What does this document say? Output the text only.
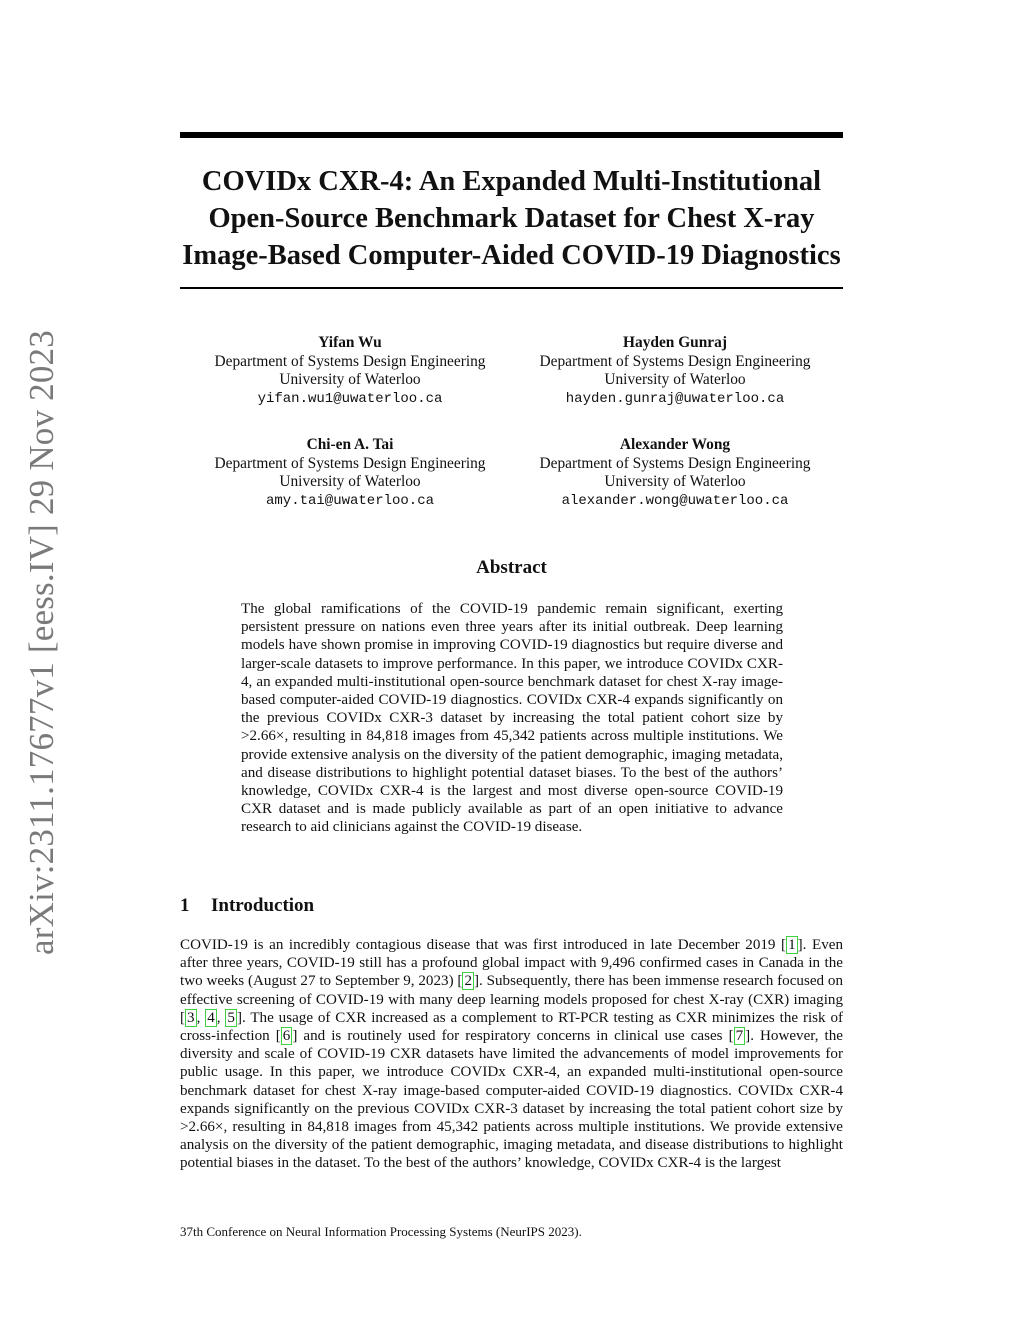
arXiv:2311.17677v1 [eess.IV] 29 Nov 2023
COVIDx CXR-4: An Expanded Multi-Institutional
Open-Source Benchmark Dataset for Chest X-ray
Image-Based Computer-Aided COVID-19 Diagnostics
Yifan Wu
Department of Systems Design Engineering
University of Waterloo
yifan.wu1@uwaterloo.ca
Hayden Gunraj
Department of Systems Design Engineering
University of Waterloo
hayden.gunraj@uwaterloo.ca
Chi-en A. Tai
Department of Systems Design Engineering
University of Waterloo
amy.tai@uwaterloo.ca
Alexander Wong
Department of Systems Design Engineering
University of Waterloo
alexander.wong@uwaterloo.ca
Abstract

The global ramifications of the COVID-19 pandemic remain significant, exerting persistent pressure on nations even three years after its initial outbreak. Deep learning models have shown promise in improving COVID-19 diagnostics but require diverse and larger-scale datasets to improve performance. In this paper, we introduce COVIDx CXR-4, an expanded multi-institutional open-source benchmark dataset for chest X-ray image-based computer-aided COVID-19 diagnostics. COVIDx CXR-4 expands significantly on the previous COVIDx CXR-3 dataset by increasing the total patient cohort size by >2.66×, resulting in 84,818 images from 45,342 patients across multiple institutions. We provide extensive analysis on the diversity of the patient demographic, imaging metadata, and disease distributions to highlight potential dataset biases. To the best of the authors’ knowledge, COVIDx CXR-4 is the largest and most diverse open-source COVID-19 CXR dataset and is made publicly available as part of an open initiative to advance research to aid clinicians against the COVID-19 disease.

1 Introduction

COVID-19 is an incredibly contagious disease that was first introduced in late December 2019 [ 1 ]. Even after three years, COVID-19 still has a profound global impact with 9,496 confirmed cases in Canada in the two weeks (August 27 to September 9, 2023) [ 2 ]. Subsequently, there has been immense research focused on effective screening of COVID-19 with many deep learning models proposed for chest X-ray (CXR) imaging [ 3 , 4 , 5 ]. The usage of CXR increased as a complement to RT-PCR testing as CXR minimizes the risk of cross-infection [ 6 ] and is routinely used for respiratory concerns in clinical use cases [ 7 ]. However, the diversity and scale of COVID-19 CXR datasets have limited the advancements of model improvements for public usage. In this paper, we introduce COVIDx CXR-4, an expanded multi-institutional open-source benchmark dataset for chest X-ray image-based computer-aided COVID-19 diagnostics. COVIDx CXR-4 expands significantly on the previous COVIDx CXR-3 dataset by increasing the total patient cohort size by >2.66×, resulting in 84,818 images from 45,342 patients across multiple institutions. We provide extensive analysis on the diversity of the patient demographic, imaging metadata, and disease distributions to highlight potential biases in the dataset. To the best of the authors’ knowledge, COVIDx CXR-4 is the largest

37th Conference on Neural Information Processing Systems (NeurIPS 2023).
